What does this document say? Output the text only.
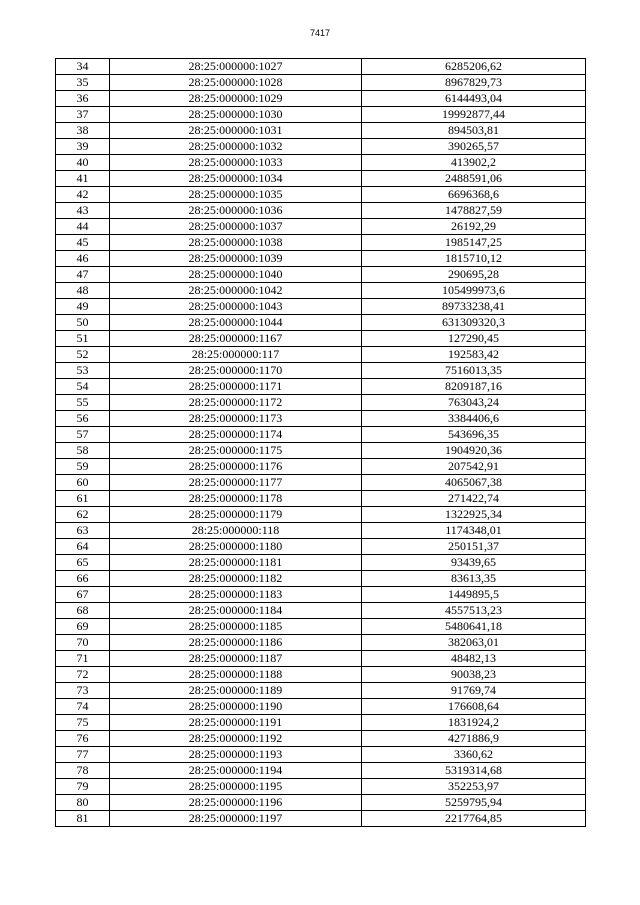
7417
34	28:25:000000:1027	6285206,62
35	28:25:000000:1028	8967829,73
36	28:25:000000:1029	6144493,04
37	28:25:000000:1030	19992877,44
38	28:25:000000:1031	894503,81
39	28:25:000000:1032	390265,57
40	28:25:000000:1033	413902,2
41	28:25:000000:1034	2488591,06
42	28:25:000000:1035	6696368,6
43	28:25:000000:1036	1478827,59
44	28:25:000000:1037	26192,29
45	28:25:000000:1038	1985147,25
46	28:25:000000:1039	1815710,12
47	28:25:000000:1040	290695,28
48	28:25:000000:1042	105499973,6
49	28:25:000000:1043	89733238,41
50	28:25:000000:1044	631309320,3
51	28:25:000000:1167	127290,45
52	28:25:000000:117	192583,42
53	28:25:000000:1170	7516013,35
54	28:25:000000:1171	8209187,16
55	28:25:000000:1172	763043,24
56	28:25:000000:1173	3384406,6
57	28:25:000000:1174	543696,35
58	28:25:000000:1175	1904920,36
59	28:25:000000:1176	207542,91
60	28:25:000000:1177	4065067,38
61	28:25:000000:1178	271422,74
62	28:25:000000:1179	1322925,34
63	28:25:000000:118	1174348,01
64	28:25:000000:1180	250151,37
65	28:25:000000:1181	93439,65
66	28:25:000000:1182	83613,35
67	28:25:000000:1183	1449895,5
68	28:25:000000:1184	4557513,23
69	28:25:000000:1185	5480641,18
70	28:25:000000:1186	382063,01
71	28:25:000000:1187	48482,13
72	28:25:000000:1188	90038,23
73	28:25:000000:1189	91769,74
74	28:25:000000:1190	176608,64
75	28:25:000000:1191	1831924,2
76	28:25:000000:1192	4271886,9
77	28:25:000000:1193	3360,62
78	28:25:000000:1194	5319314,68
79	28:25:000000:1195	352253,97
80	28:25:000000:1196	5259795,94
81	28:25:000000:1197	2217764,85
